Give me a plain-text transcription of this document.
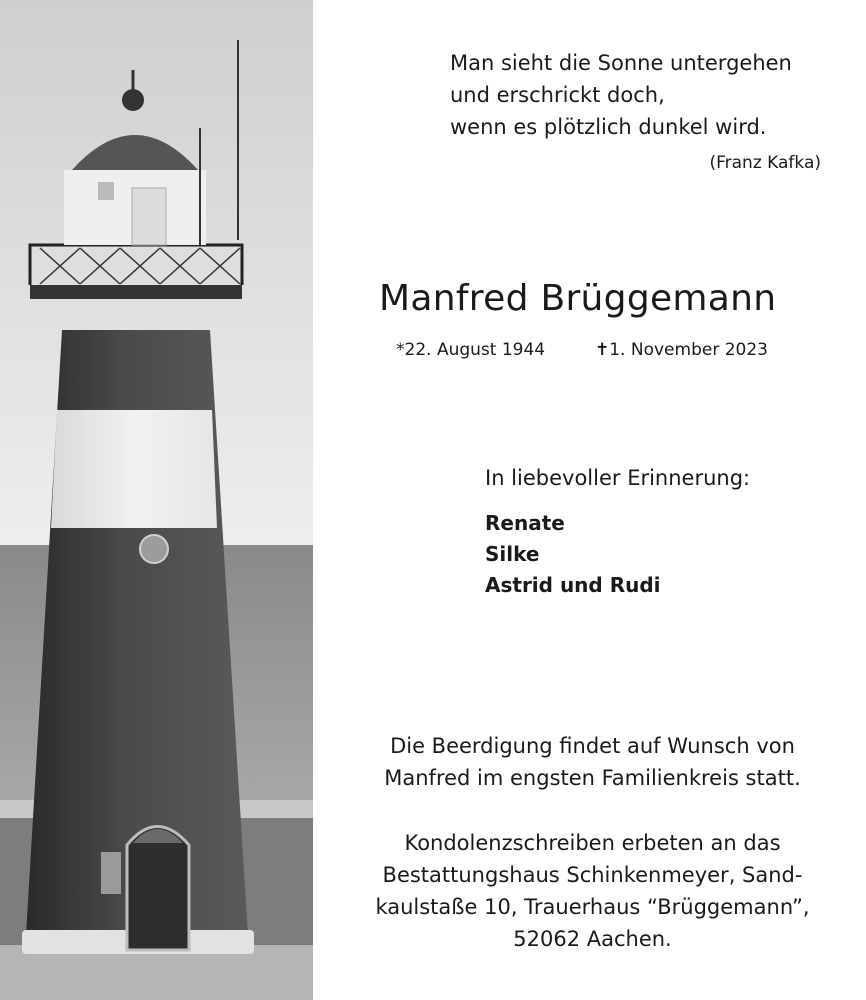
Man sieht die Sonne untergehen
und erschrickt doch,
wenn es plötzlich dunkel wird.
(Franz Kafka)
Manfred Brüggemann
*22. August 1944	✝1. November 2023
In liebevoller Erinnerung:
Renate
Silke
Astrid und Rudi
Die Beerdigung findet auf Wunsch von
Manfred im engsten Familienkreis statt.
Kondolenzschreiben erbeten an das
Bestattungshaus Schinkenmeyer, Sand-
kaulstaße 10, Trauerhaus “Brüggemann”,
52062 Aachen.
